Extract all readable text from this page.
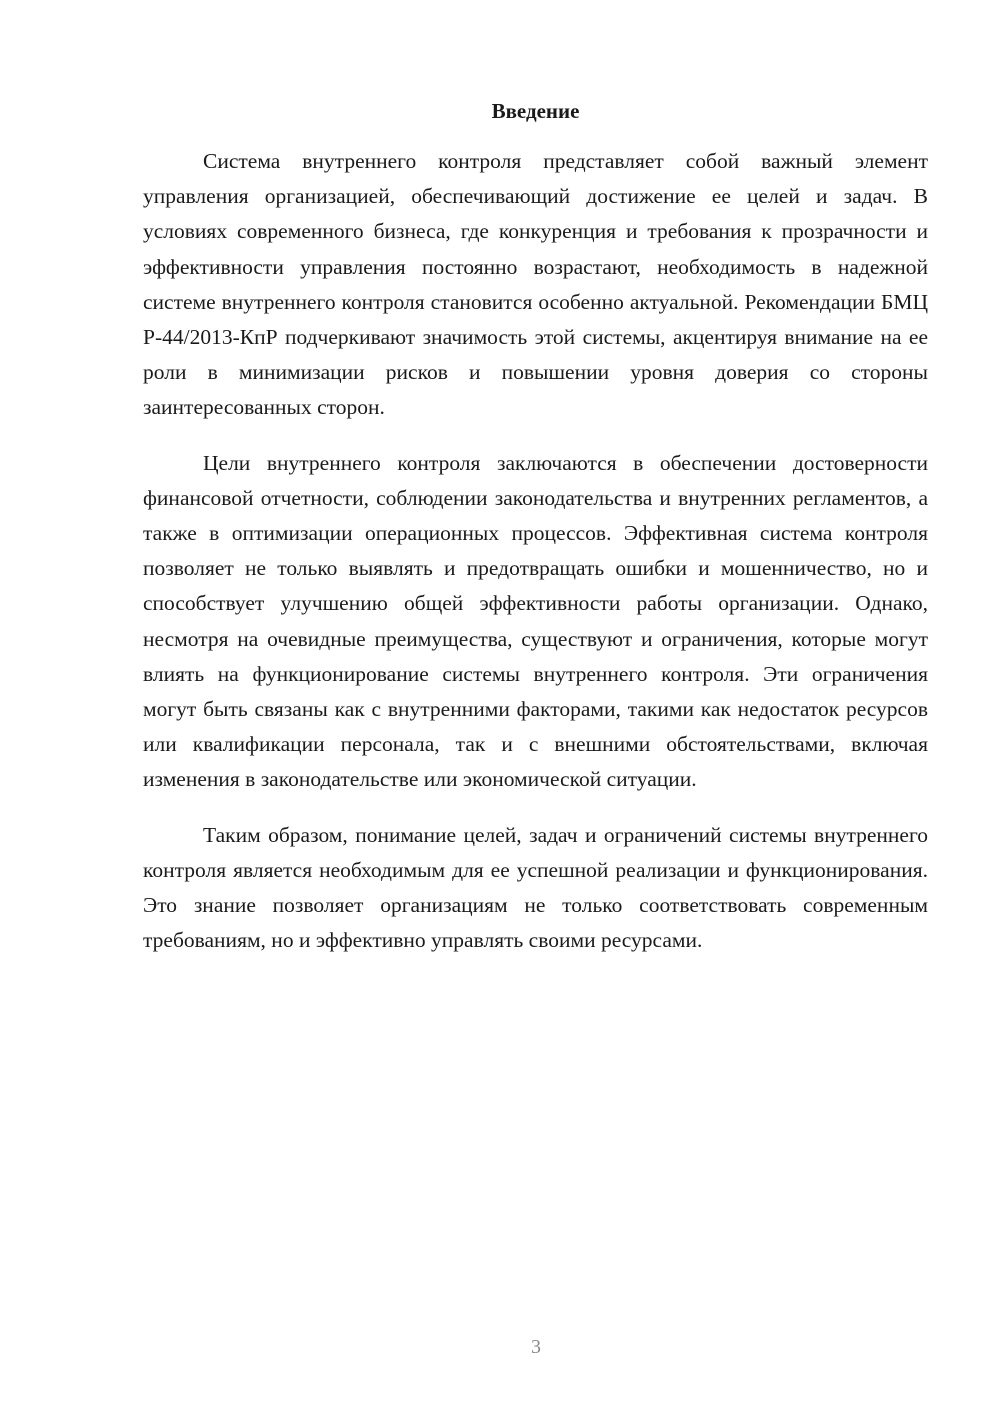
Введение

Система внутреннего контроля представляет собой важный элемент управления организацией, обеспечивающий достижение ее целей и задач. В условиях современного бизнеса, где конкуренция и требования к прозрачности и эффективности управления постоянно возрастают, необходимость в надежной системе внутреннего контроля становится особенно актуальной. Рекомендации БМЦ Р-44/2013-КпР подчеркивают значимость этой системы, акцентируя внимание на ее роли в минимизации рисков и повышении уровня доверия со стороны заинтересованных сторон.

Цели внутреннего контроля заключаются в обеспечении достоверности финансовой отчетности, соблюдении законодательства и внутренних регламентов, а также в оптимизации операционных процессов. Эффективная система контроля позволяет не только выявлять и предотвращать ошибки и мошенничество, но и способствует улучшению общей эффективности работы организации. Однако, несмотря на очевидные преимущества, существуют и ограничения, которые могут влиять на функционирование системы внутреннего контроля. Эти ограничения могут быть связаны как с внутренними факторами, такими как недостаток ресурсов или квалификации персонала, так и с внешними обстоятельствами, включая изменения в законодательстве или экономической ситуации.

Таким образом, понимание целей, задач и ограничений системы внутреннего контроля является необходимым для ее успешной реализации и функционирования. Это знание позволяет организациям не только соответствовать современным требованиям, но и эффективно управлять своими ресурсами.

3
